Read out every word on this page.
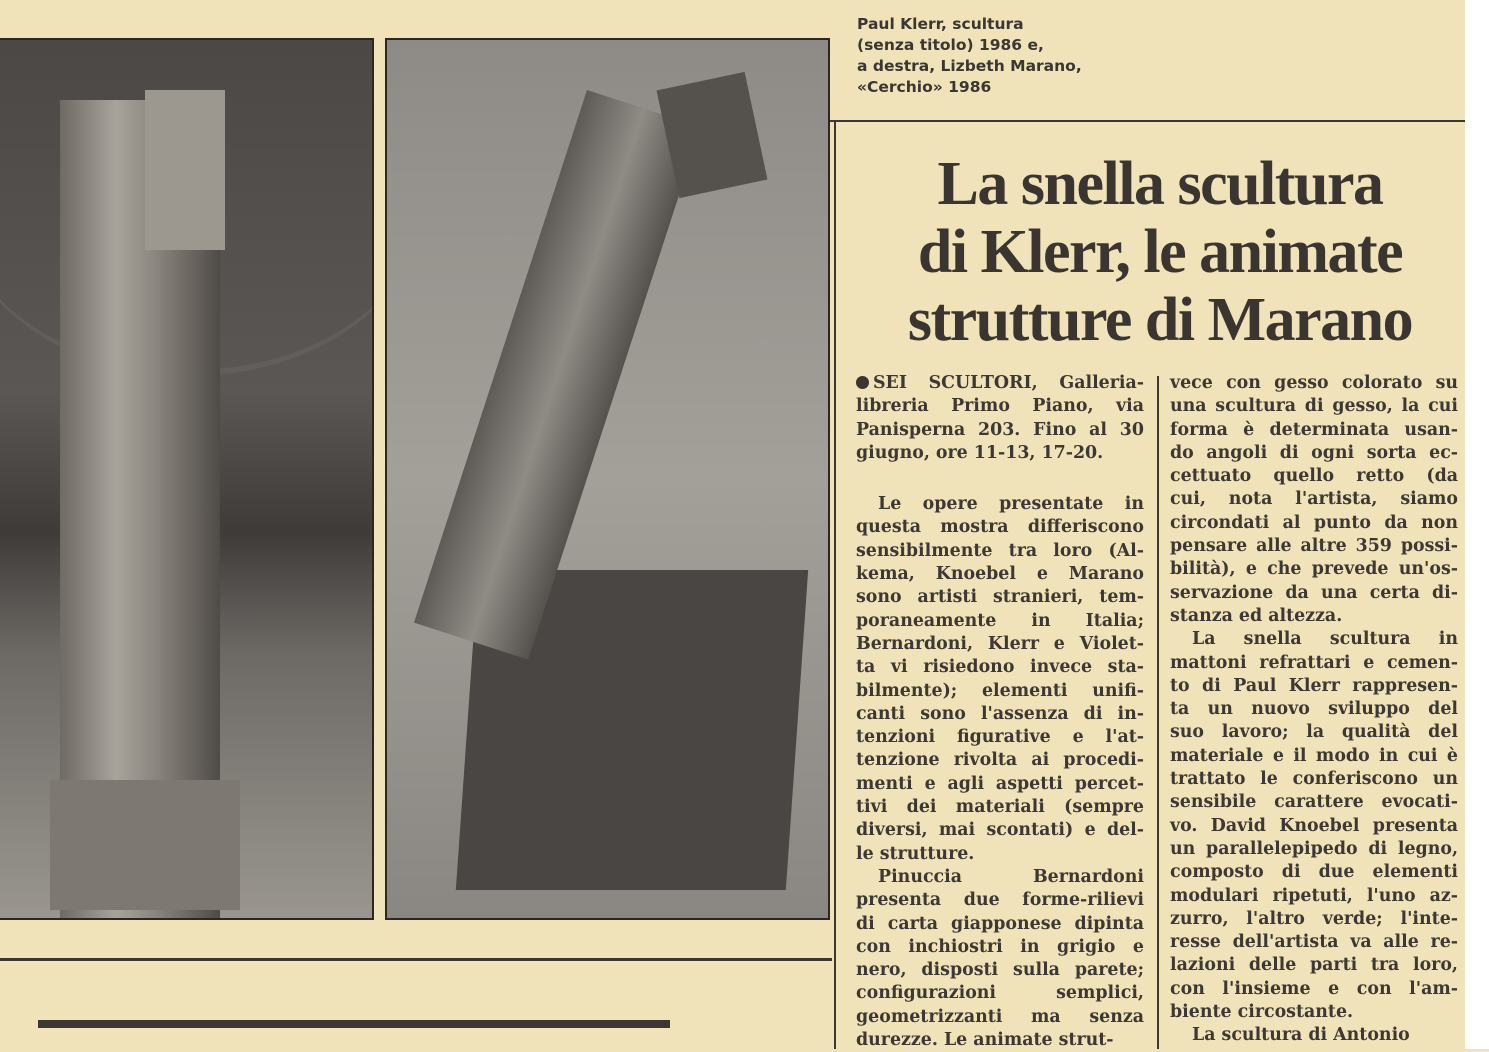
Paul Klerr, scultura
(senza titolo) 1986 e,
a destra, Lizbeth Marano,
«Cerchio» 1986
La snella scultura
di Klerr, le animate
strutture di Marano
SEI SCULTORI, Galleria-
libreria Primo Piano, via
Panisperna 203. Fino al 30
giugno, ore 11-13, 17-20.
Le opere presentate in
questa mostra differiscono
sensibilmente tra loro (Al-
kema, Knoebel e Marano
sono artisti stranieri, tem-
poraneamente in Italia;
Bernardoni, Klerr e Violet-
ta vi risiedono invece sta-
bilmente); elementi unifi-
canti sono l'assenza di in-
tenzioni figurative e l'at-
tenzione rivolta ai procedi-
menti e agli aspetti percet-
tivi dei materiali (sempre
diversi, mai scontati) e del-
le strutture.
Pinuccia Bernardoni
presenta due forme-rilievi
di carta giapponese dipinta
con inchiostri in grigio e
nero, disposti sulla parete;
configurazioni semplici,
geometrizzanti ma senza
durezze. Le animate strut-
vece con gesso colorato su
una scultura di gesso, la cui
forma è determinata usan-
do angoli di ogni sorta ec-
cettuato quello retto (da
cui, nota l'artista, siamo
circondati al punto da non
pensare alle altre 359 possi-
bilità), e che prevede un'os-
servazione da una certa di-
stanza ed altezza.
La snella scultura in
mattoni refrattari e cemen-
to di Paul Klerr rappresen-
ta un nuovo sviluppo del
suo lavoro; la qualità del
materiale e il modo in cui è
trattato le conferiscono un
sensibile carattere evocati-
vo. David Knoebel presenta
un parallelepipedo di legno,
composto di due elementi
modulari ripetuti, l'uno az-
zurro, l'altro verde; l'inte-
resse dell'artista va alle re-
lazioni delle parti tra loro,
con l'insieme e con l'am-
biente circostante.
La scultura di Antonio
